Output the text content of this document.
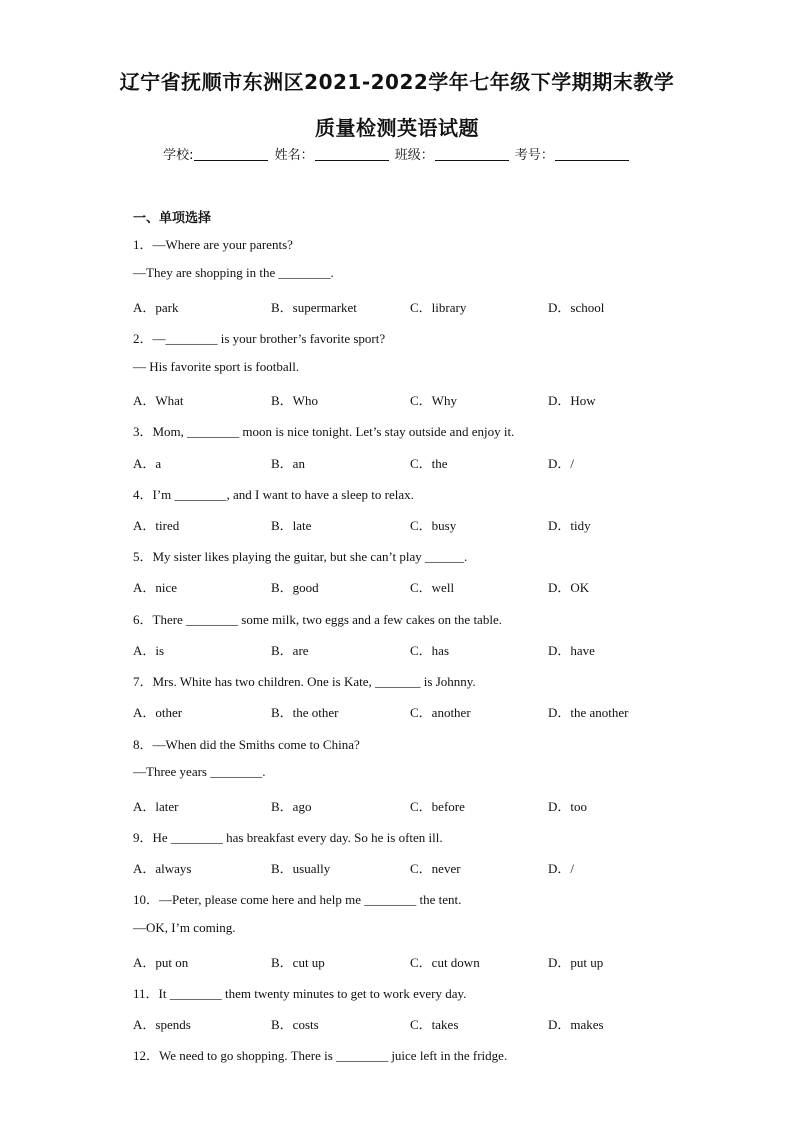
辽宁省抚顺市东洲区2021-2022学年七年级下学期期末教学
质量检测英语试题
学校:	姓名：	班级：	考号：
一、单项选择
1．—Where are your parents?
—They are shopping in the ________.
A．park	B．supermarket	C．library	D．school
2．—________ is your brother’s favorite sport?
— His favorite sport is football.
A．What	B．Who	C．Why	D．How
3．Mom, ________ moon is nice tonight. Let’s stay outside and enjoy it.
A．a	B．an	C．the	D．/
4．I’m ________, and I want to have a sleep to relax.
A．tired	B．late	C．busy	D．tidy
5．My sister likes playing the guitar, but she can’t play ______.
A．nice	B．good	C．well	D．OK
6．There ________ some milk, two eggs and a few cakes on the table.
A．is	B．are	C．has	D．have
7．Mrs. White has two children. One is Kate, _______ is Johnny.
A．other	B．the other	C．another	D．the another
8．—When did the Smiths come to China?
—Three years ________.
A．later	B．ago	C．before	D．too
9．He ________ has breakfast every day. So he is often ill.
A．always	B．usually	C．never	D．/
10．—Peter, please come here and help me ________ the tent.
—OK, I’m coming.
A．put on	B．cut up	C．cut down	D．put up
11．It ________ them twenty minutes to get to work every day.
A．spends	B．costs	C．takes	D．makes
12．We need to go shopping. There is ________ juice left in the fridge.
